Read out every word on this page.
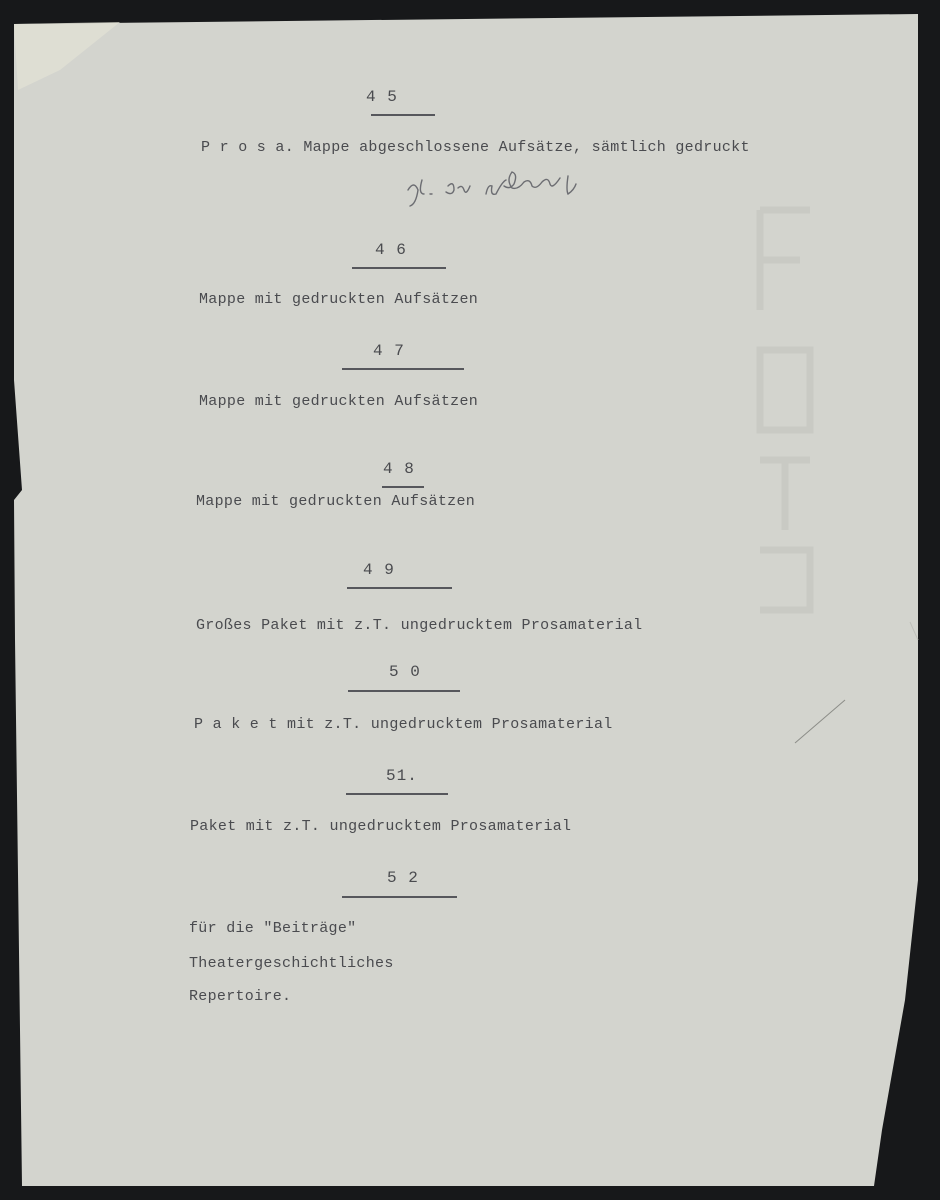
4 5
P r o s a. Mappe abgeschlossene Aufsätze, sämtlich gedruckt
4 6
Mappe mit gedruckten Aufsätzen
4 7
Mappe mit gedruckten Aufsätzen
4 8
Mappe mit gedruckten Aufsätzen
4 9
Großes Paket mit z.T. ungedrucktem Prosamaterial
5 0
P a k e t mit z.T. ungedrucktem Prosamaterial
51.
Paket mit z.T. ungedrucktem Prosamaterial
5 2
für die "Beiträge"
Theatergeschichtliches
Repertoire.
